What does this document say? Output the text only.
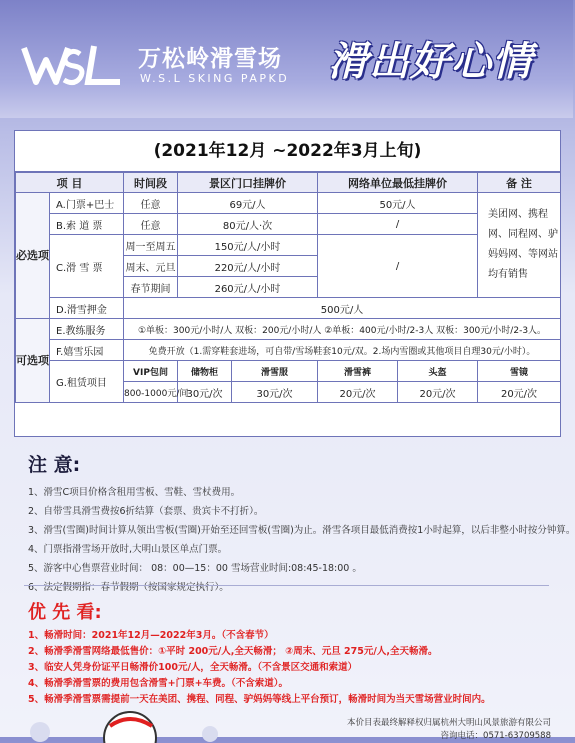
万松岭滑雪场
W.S.L SKING PAPKD 滑出好心情
(2021年12月 ~2022年3月上旬)
项 目		时间段	景区门口挂牌价		网络单位最低挂牌价		备 注	
必选项	A.门票+巴士	任意	69元/人		50元/人		美团网、携程网、同程网、驴妈妈网、等网站均有销售	
	B.索 道 票	任意	80元/人·次		/			
	C.滑 雪 票	周一至周五	150元/人/小时		/			
		周末、元旦	220元/人/小时					
		春节期间	260元/人/小时					
	D.滑雪押金	500元/人						
可选项	E.教练服务	①单板：300元/小时/人 双板：200元/小时/人 ②单板：400元/小时/2-3人 双板：300元/小时/2-3人。						
	F.嬉雪乐园	免费开放（1.需穿鞋套进场，可自带/雪场鞋套10元/双。2.场内雪圈或其他项目自理30元/小时）。						
	G.租赁项目	VIP包间	储物柜	滑雪服	滑雪裤	头盔	雪镜	
		800-1000元/间	30元/次	30元/次	20元/次	20元/次	20元/次	
注 意:
1、滑雪C项目价格含租用雪板、雪鞋、雪杖费用。
2、自带雪具滑雪费按6折结算（套票、贵宾卡不打折）。
3、滑雪(雪圈)时间计算从领出雪板(雪圈)开始至还回雪板(雪圈)为止。滑雪各项目最低消费按1小时起算，以后非整小时按分钟算。
4、门票指滑雪场开放时,大明山景区单点门票。
5、游客中心售票营业时间： 08：00—15：00 雪场营业时间:08:45-18:00 。
6、法定假期指：春节假期（按国家规定执行）。
优 先 看:
1、畅滑时间：2021年12月—2022年3月。（不含春节）
2、畅滑季滑雪网络最低售价：①平时 200元/人,全天畅滑； ②周末、元旦 275元/人,全天畅滑。
3、临安人凭身份证平日畅滑价100元/人，全天畅滑。（不含景区交通和索道）
4、畅滑季滑雪票的费用包含滑雪+门票+车费。（不含索道）。
5、畅滑季滑雪票需提前一天在美团、携程、同程、驴妈妈等线上平台预订，畅滑时间为当天雪场营业时间内。
本价目表最终解释权归属杭州大明山风景旅游有限公司
咨询电话：0571-63709588
